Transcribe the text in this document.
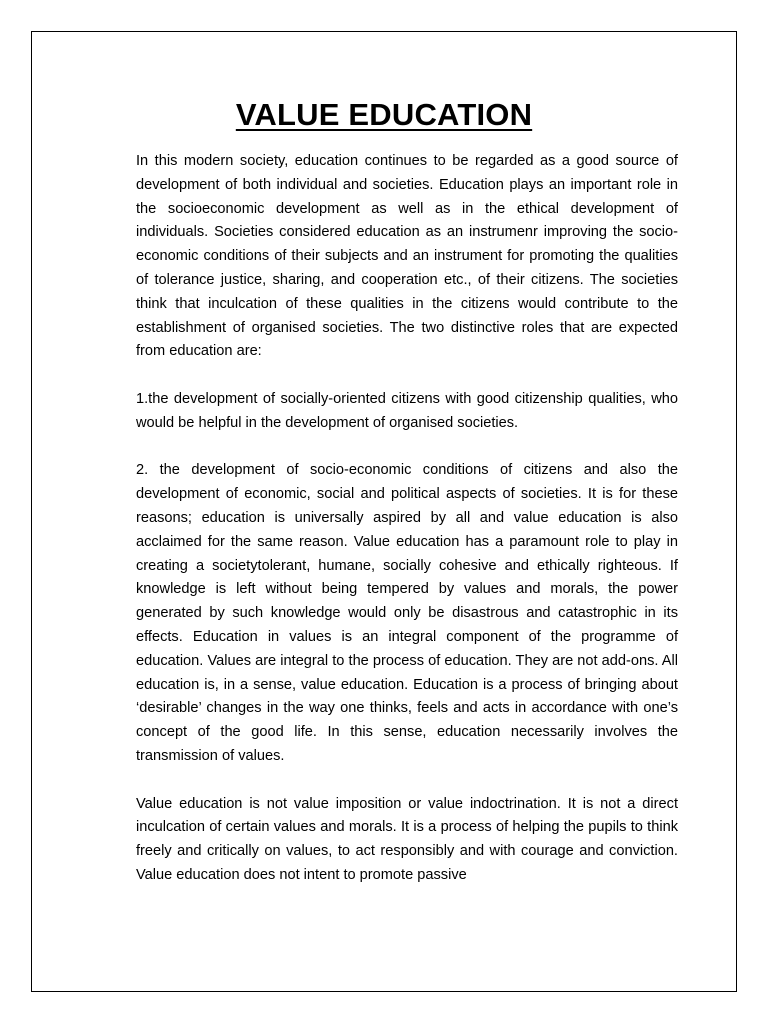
VALUE EDUCATION

In this modern society, education continues to be regarded as a good source of development of both individual and societies. Education plays an important role in the socioeconomic development as well as in the ethical development of individuals. Societies considered education as an instrumenr improving the socio-economic conditions of their subjects and an instrument for promoting the qualities of tolerance justice, sharing, and cooperation etc., of their citizens. The societies think that inculcation of these qualities in the citizens would contribute to the establishment of organised societies. The two distinctive roles that are expected from education are:

1.the development of socially-oriented citizens with good citizenship qualities, who would be helpful in the development of organised societies.

2. the development of socio-economic conditions of citizens and also the development of economic, social and political aspects of societies. It is for these reasons; education is universally aspired by all and value education is also acclaimed for the same reason. Value education has a paramount role to play in creating a societytolerant, humane, socially cohesive and ethically righteous. If knowledge is left without being tempered by values and morals, the power generated by such knowledge would only be disastrous and catastrophic in its effects. Education in values is an integral component of the programme of education. Values are integral to the process of education. They are not add-ons. All education is, in a sense, value education. Education is a process of bringing about ‘desirable’ changes in the way one thinks, feels and acts in accordance with one’s concept of the good life. In this sense, education necessarily involves the transmission of values.

Value education is not value imposition or value indoctrination. It is not a direct inculcation of certain values and morals. It is a process of helping the pupils to think freely and critically on values, to act responsibly and with courage and conviction. Value education does not intent to promote passive
